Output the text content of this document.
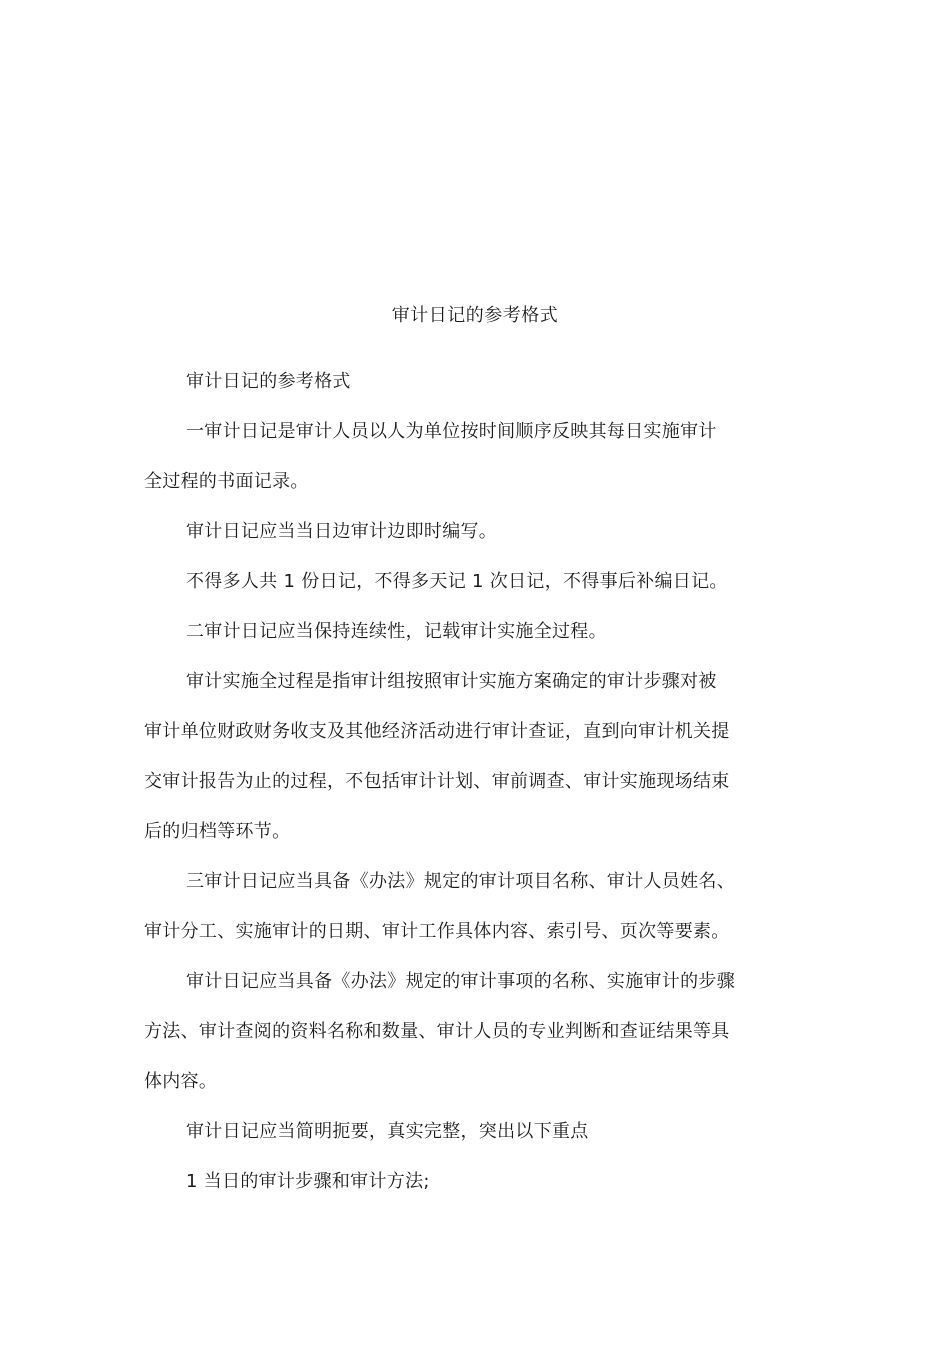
审计日记的参考格式
审计日记的参考格式
一审计日记是审计人员以人为单位按时间顺序反映其每日实施审计
全过程的书面记录。
审计日记应当当日边审计边即时编写。
不得多人共 1 份日记，不得多天记 1 次日记，不得事后补编日记。
二审计日记应当保持连续性，记载审计实施全过程。
审计实施全过程是指审计组按照审计实施方案确定的审计步骤对被
审计单位财政财务收支及其他经济活动进行审计查证，直到向审计机关提
交审计报告为止的过程，不包括审计计划、审前调查、审计实施现场结束
后的归档等环节。
三审计日记应当具备《办法》规定的审计项目名称、审计人员姓名、
审计分工、实施审计的日期、审计工作具体内容、索引号、页次等要素。
审计日记应当具备《办法》规定的审计事项的名称、实施审计的步骤
方法、审计查阅的资料名称和数量、审计人员的专业判断和查证结果等具
体内容。
审计日记应当简明扼要，真实完整，突出以下重点
1 当日的审计步骤和审计方法;
